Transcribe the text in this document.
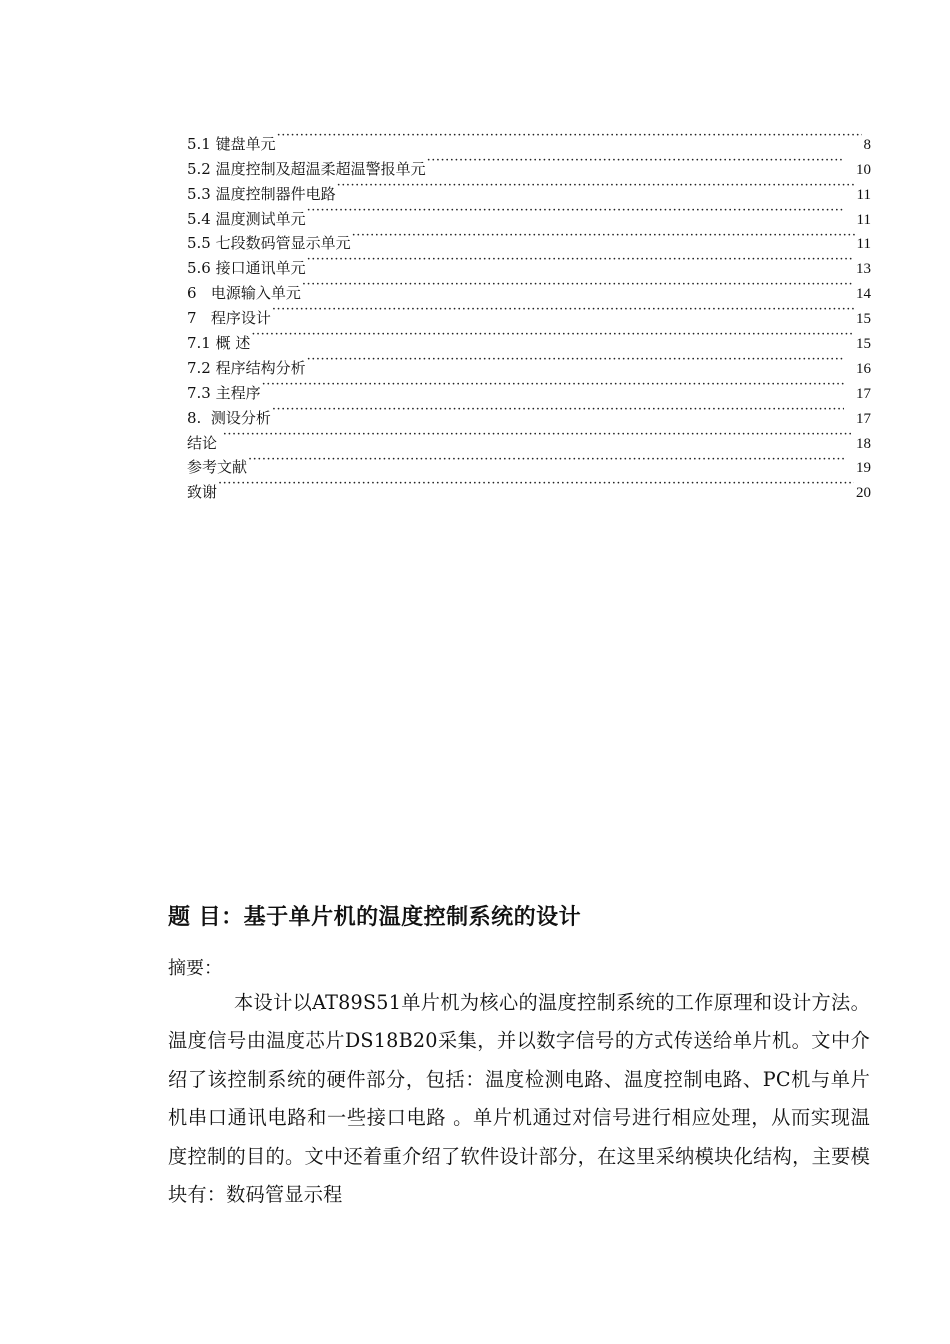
5.1 键盘单元 ·····	8
5.2 温度控制及超温柔超温警报单元 ·····	10
5.3 温度控制器件电路 ·····	11
5.4 温度测试单元 ·····	11
5.5 七段数码管显示单元 ·····	11
5.6 接口通讯单元 ·····	13
6   电源输入单元 ·····	14
7   程序设计 ·····	15
7.1 概 述 ·····	15
7.2 程序结构分析 ·····	16
7.3 主程序 ·····	17
8.  测设分析 ·····	17
结论 ·····	18
参考文献 ·····	19
致谢 ·····	20
题 目：基于单片机的温度控制系统的设计

摘要：

本设计以AT89S51单片机为核心的温度控制系统的工作原理和设计方法。温度信号由温度芯片DS18B20采集，并以数字信号的方式传送给单片机。文中介绍了该控制系统的硬件部分，包括：温度检测电路、温度控制电路、PC机与单片机串口通讯电路和一些接口电路 。单片机通过对信号进行相应处理，从而实现温度控制的目的。文中还着重介绍了软件设计部分，在这里采纳模块化结构，主要模块有：数码管显示程
